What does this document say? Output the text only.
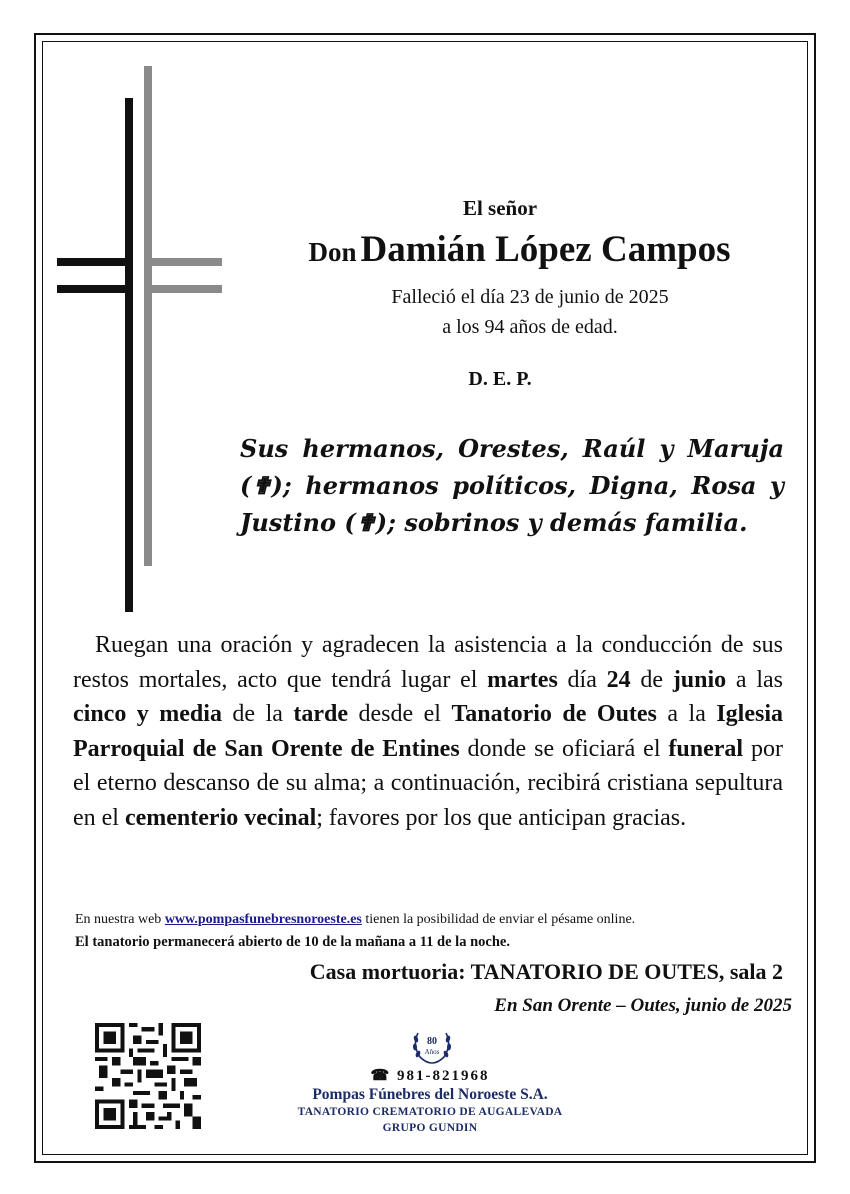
El señor
Don Damián López Campos
Falleció el día 23 de junio de 2025
a los 94 años de edad.
D. E. P.
Sus hermanos, Orestes, Raúl y Maruja (✟); hermanos políticos, Digna, Rosa y Justino (✟); sobrinos y demás familia.
Ruegan una oración y agradecen la asistencia a la conducción de sus restos mortales, acto que tendrá lugar el martes día 24 de junio a las cinco y media de la tarde desde el Tanatorio de Outes a la Iglesia Parroquial de San Orente de Entines donde se oficiará el funeral por el eterno descanso de su alma; a continuación, recibirá cristiana sepultura en el cementerio vecinal; favores por los que anticipan gracias.
En nuestra web www.pompasfunebresnoroeste.es tienen la posibilidad de enviar el pésame online.
El tanatorio permanecerá abierto de 10 de la mañana a 11 de la noche.
Casa mortuoria: TANATORIO DE OUTES, sala 2
En San Orente – Outes, junio de 2025
80
Años
☎ 981-821968
Pompas Fúnebres del Noroeste S.A.
TANATORIO CREMATORIO DE AUGALEVADA
GRUPO GUNDIN
